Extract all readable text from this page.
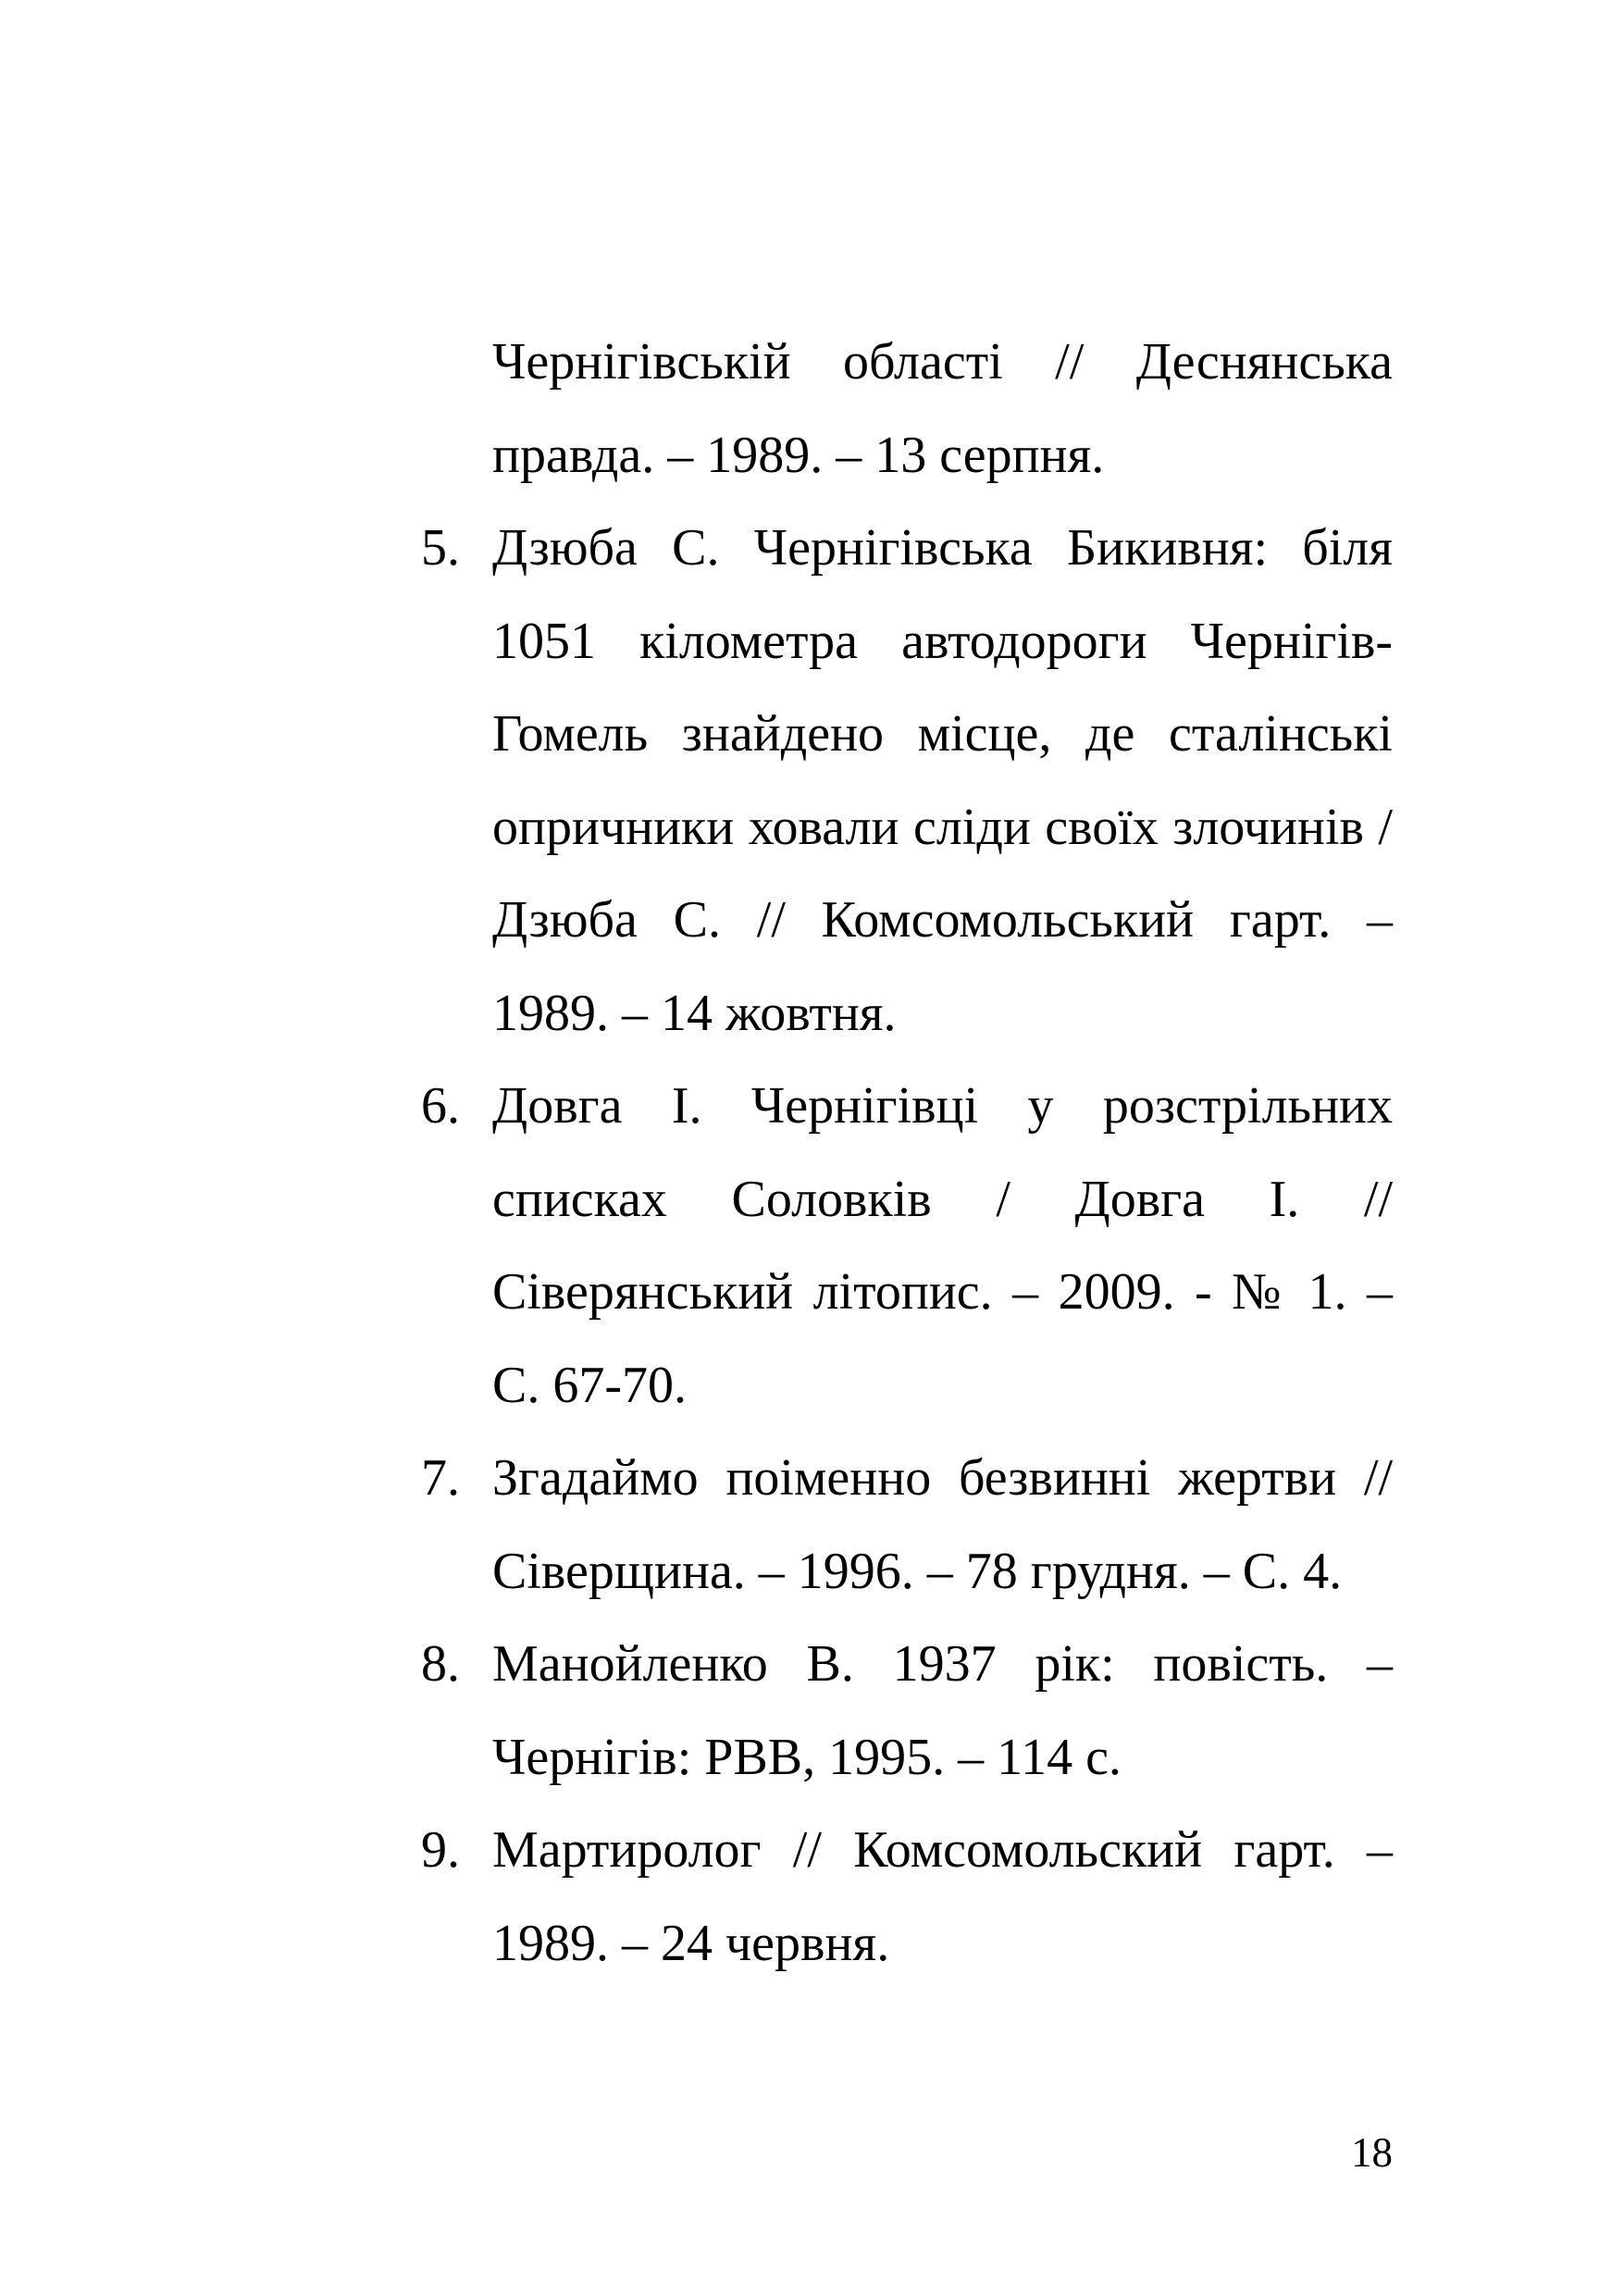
Чернігівській області // Деснянська правда. – 1989. – 13 серпня.
5. Дзюба С. Чернігівська Бикивня: біля 1051 кілометра автодороги Чернігів-Гомель знайдено місце, де сталінські опричники ховали сліди своїх злочинів / Дзюба С. // Комсомольський гарт. – 1989. – 14 жовтня.
6. Довга І. Чернігівці у розстрільних списках Соловків / Довга І. // Сіверянський літопис. – 2009. - № 1. – С. 67-70.
7. Згадаймо поіменно безвинні жертви // Сіверщина. – 1996. – 78 грудня. – С. 4.
8. Манойленко В. 1937 рік: повість. – Чернігів: РВВ, 1995. – 114 с.
9. Мартиролог // Комсомольский гарт. – 1989. – 24 червня.
18
